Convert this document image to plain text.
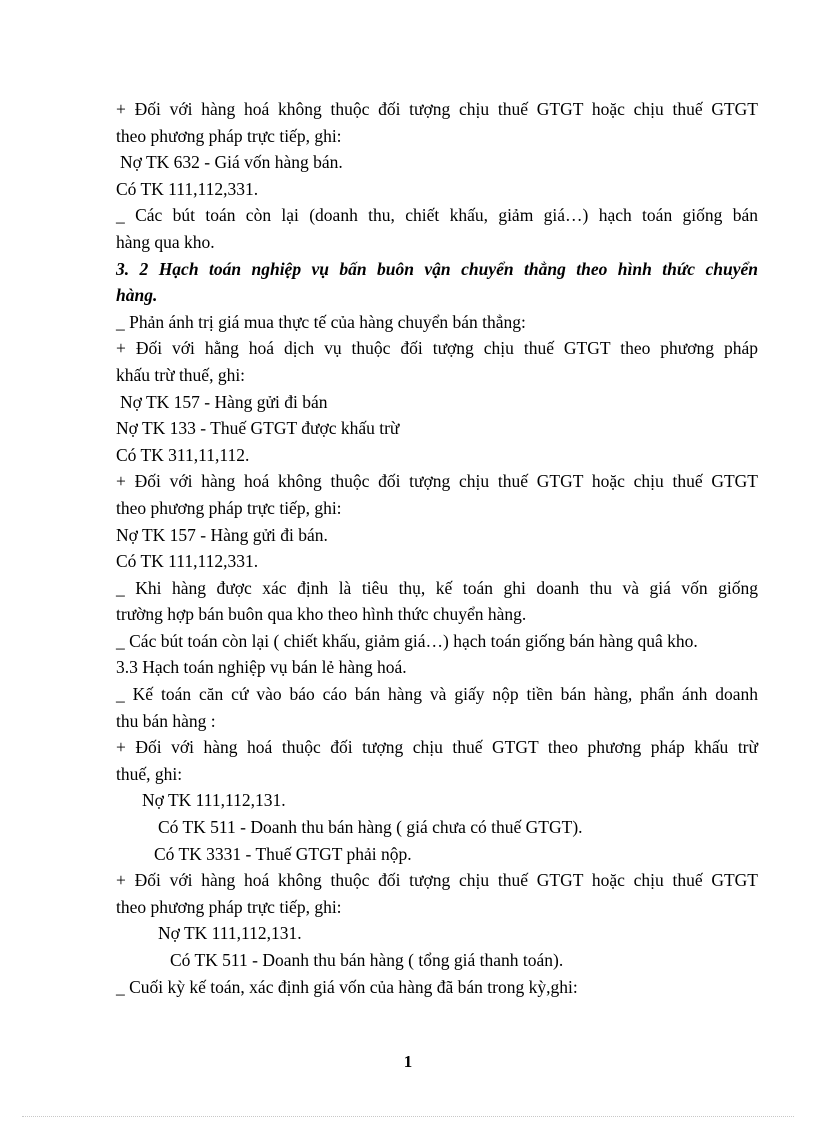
+ Đối với hàng hoá không thuộc đối tượng chịu thuế GTGT hoặc chịu thuế GTGT
theo phương pháp trực tiếp, ghi:
Nợ TK 632 - Giá vốn hàng bán.
Có TK 111,112,331.
_ Các bút toán còn lại (doanh thu, chiết khấu, giảm giá…) hạch toán giống bán
hàng qua kho.
3. 2 Hạch toán nghiệp vụ bấn buôn vận chuyển thẳng theo hình thức chuyển
hàng.
_ Phản ánh trị giá mua thực tế của hàng chuyển bán thẳng:
+ Đối với hằng hoá dịch vụ thuộc đối tượng chịu thuế GTGT theo phương pháp
khấu trừ thuế, ghi:
Nợ TK 157 - Hàng gửi đi bán
Nợ TK 133 - Thuế GTGT được khấu trừ
Có TK 311,11,112.
+ Đối với hàng hoá không thuộc đối tượng chịu thuế GTGT hoặc chịu thuế GTGT
theo phương pháp trực tiếp, ghi:
Nợ TK 157 - Hàng gửi đi bán.
Có TK 111,112,331.
_ Khi hàng được xác định là tiêu thụ, kế toán ghi doanh thu và giá vốn giống
trường hợp bán buôn qua kho theo hình thức chuyển hàng.
_ Các bút toán còn lại ( chiết khấu, giảm giá…) hạch toán giống bán hàng quâ kho.
3.3 Hạch toán nghiệp vụ bán lẻ hàng hoá.
_ Kế toán căn cứ vào báo cáo bán hàng và giấy nộp tiền bán hàng, phẩn ánh doanh
thu bán hàng :
+ Đối với hàng hoá thuộc đối tượng chịu thuế GTGT theo phương pháp khấu trừ
thuế, ghi:
Nợ TK 111,112,131.
Có TK 511 - Doanh thu bán hàng ( giá chưa có thuế GTGT).
Có TK 3331 - Thuế GTGT phải nộp.
+ Đối với hàng hoá không thuộc đối tượng chịu thuế GTGT hoặc chịu thuế GTGT
theo phương pháp trực tiếp, ghi:
Nợ TK 111,112,131.
Có TK 511 - Doanh thu bán hàng ( tổng giá thanh toán).
_ Cuối kỳ kế toán, xác định giá vốn của hàng đã bán trong kỳ,ghi:
1
